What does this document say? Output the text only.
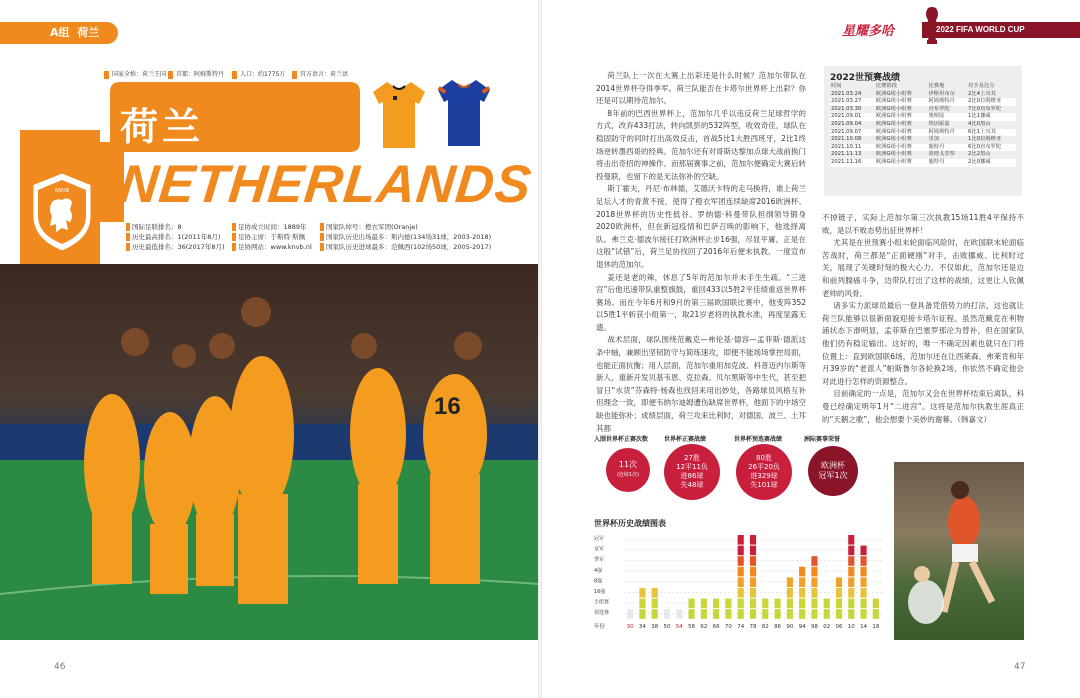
A组 荷兰
国家全称：荷兰王国	首都：阿姆斯特丹	人口：约1775万	官方语言：荷兰语
荷兰
NETHERLANDS
KNVB
国际足联排名：8
历史最高排名：1(2011年8月)
历史最低排名：36(2017年8月)
足协成立时间：1889年
足协主席：于斯特·斯佩
足协网站：www.knvb.nl
国家队绰号：橙衣军团(Oranje)
国家队历史出场最多：斯内德(134场31球，2003-2018)
国家队历史进球最多：范佩西(102场50球，2005-2017)
16
46
星耀多哈	2022 FIFA WORLD CUP

荷兰队上一次在大赛上出彩还是什么时候？范加尔带队在2014世界杯夺得季军。荷兰队能否在卡塔尔世界杯上出彩？你还是可以期待范加尔。

8年前的巴西世界杯上，范加尔几乎以违反荷兰足球哲学的方式，改弃433打法，转向凯彭的532阵型，收效奇佳，球队在稳固防守的同时打出高效反击，首战5比1大胜西班牙，2比1终场逆转墨西哥的经典。范加尔还有对哥斯达黎加点球大战前换门将击出奇招的神操作。而那届赛事之前，范加尔便确定大赛后转投曼联，也留下的是无法弥补的空缺。

斯丁霍夫，丹尼·布林德，艾德沃卡特的走马换将，谁上荷兰足坛人才的青黄不接，使得了橙衣军团连续缺席2016欧洲杯、2018世界杯的历史性低谷。罗纳德·科曼带队担纲领导锻身2020欧洲杯，但在新冠疫情和巴萨召唤的影响下，他选择离队。弗兰克·德波尔接任打欧洲杯止步16强，尽显平庸。正是在这般“试错”后，荷兰足协找回了2016年后便未执教、一度宣布退休的范加尔。

姜还是老的辣，休息了5年的范加尔并未手生生疏。“三进宫”后他迅速带队重整旗鼓，重回433以5胜2平佳绩重返世界杯赛场。而在今年6月和9月的第三届欧国联比赛中，他变阵352以5胜1平斩获小组第一，取21岁老将的执教水准，再度显露无遗。

战术层面，球队围绕范戴克—弗伦基·德容—孟菲斯·德派这条中轴，兼顾出坚韧防守与简练速攻，即便不能场场掌控局面，也能正面抗衡；用人层面，范加尔重用加克波、科普迈内尔斯等新人，重新开发贝基韦恩、克拉森、贝尔黑斯等中生代，甚至把冒日“水货”芬森特·杨森也找回来用出妙处，各路球员风格互补但理念一致，即便韦纳尔迪姆遭伤缺席世界杯，他面下的中场空缺也能弥补；成绩层面，荷兰攻来比利时，对德国、波兰、土耳其都

2022世预赛战绩
时间	比赛阶段	比赛地	对手及比分
2021.03.24	欧洲G组小组赛	伊斯坦布尔	2比4土耳其
2021.03.27	欧洲G组小组赛	阿姆斯特丹	2比0拉脱维亚
2021.03.30	欧洲G组小组赛	直布罗陀	7比0直布罗陀
2021.09.01	欧洲G组小组赛	奥斯陆	1比1挪威
2021.09.04	欧洲G组小组赛	埃因霍温	4比0黑山
2021.09.07	欧洲G组小组赛	阿姆斯特丹	6比1土耳其
2021.10.08	欧洲G组小组赛	里加	1比0拉脱维亚
2021.10.11	欧洲G组小组赛	鹿特丹	6比0直布罗陀
2021.11.13	欧洲G组小组赛	波德戈里察	2比2黑山
2021.11.16	欧洲G组小组赛	鹿特丹	2比0挪威

不掉链子，实际上范加尔第三次执教15场11胜4平保持不败，是以不败态势出征世界杯！

尤其是在世预赛小组末轮面临风险时，在欧国联末轮面临苦战时，荷兰都是“正面硬刚”对手，击败挪威、比利时过关，展现了关键时刻的极大心力。不仅如此，范加尔还是边和前列腺癌斗争，边带队打出了这样的战绩，这更让人钦佩老帅的风骨。

诸多实力派球员最后一登具备凭借势力的打法，这也就让荷兰队能够以很新面貌迎接卡塔尔征程。虽然范戴克在利物浦状态下滑明显，孟菲斯在巴塞罗那沦为替补，但在国家队他们仍有稳定输出。这好的，唯一不确定因素也就只在门将位置上：直到欧国联6场，范加尔还在让西莱森、弗莱肯和年月39岁的“老派人”帕斯鲁尔各轮换2场，你依然不确定他会对此进行怎样的资源整合。

目前确定的一点是，范加尔又会在世界杯结束后离队，科曼已经确定明年1月“二进宫”。这将是范加尔执教生涯真正的“天鹅之歌”，他会想要个美妙的谢幕。（韩嘉文）

入围世界杯正赛次数	世界杯正赛战绩	世界杯预选赛战绩	洲际赛事荣誉
11次
(连续1次)
27胜
12平11负
进86球
失48球
80胜
26平20负
进329球
失101球
欧洲杯
冠军1次
世界杯历史战绩图表
冠军
亚军
季军
4强
8强
16强
小组赛
预选赛
30 34 38 50 54 58 62 66 70 74 78 82 86 90 94 98 02 06 10 14 18
年份
47
